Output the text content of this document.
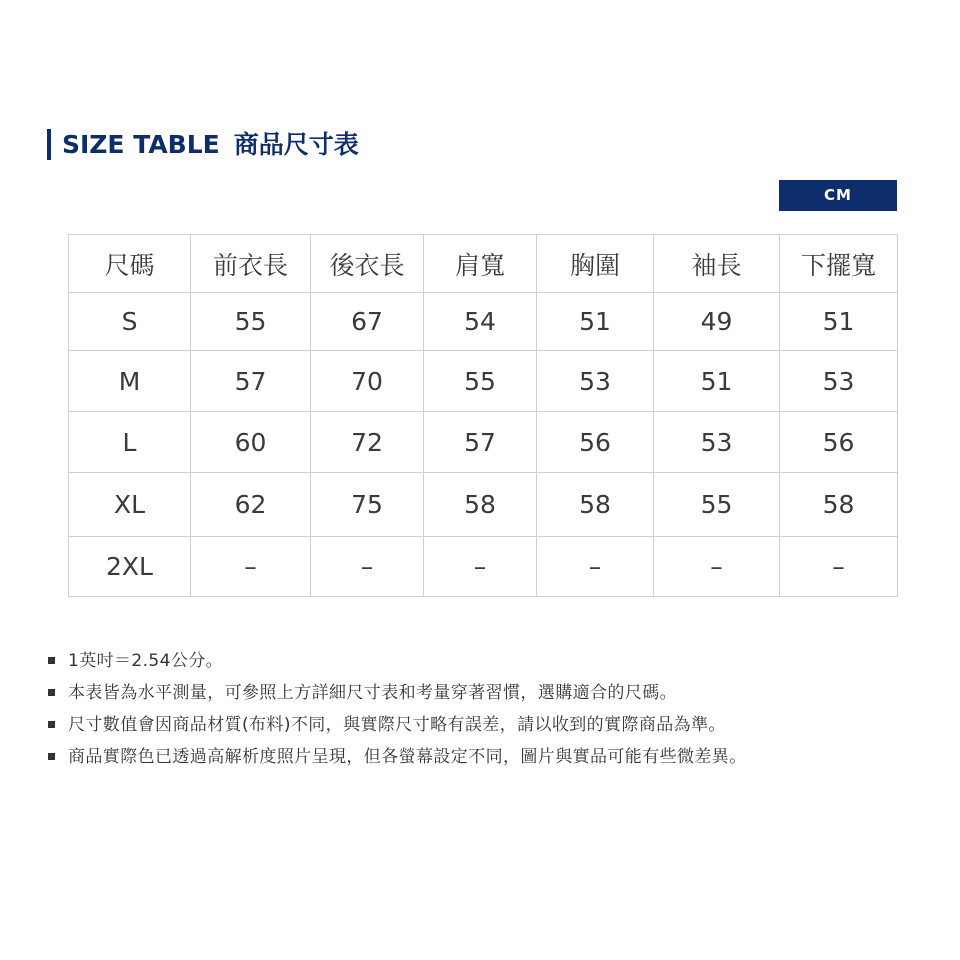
SIZE TABLE 商品尺寸表
CM
尺碼	前衣長	後衣長	肩寬	胸圍	袖長	下擺寬
S	55	67	54	51	49	51
M	57	70	55	53	51	53
L	60	72	57	56	53	56
XL	62	75	58	58	55	58
2XL	–	–	–	–	–	–
1英吋＝2.54公分。
本表皆為水平測量，可參照上方詳細尺寸表和考量穿著習慣，選購適合的尺碼。
尺寸數值會因商品材質(布料)不同，與實際尺寸略有誤差，請以收到的實際商品為準。
商品實際色已透過高解析度照片呈現，但各螢幕設定不同，圖片與實品可能有些微差異。
